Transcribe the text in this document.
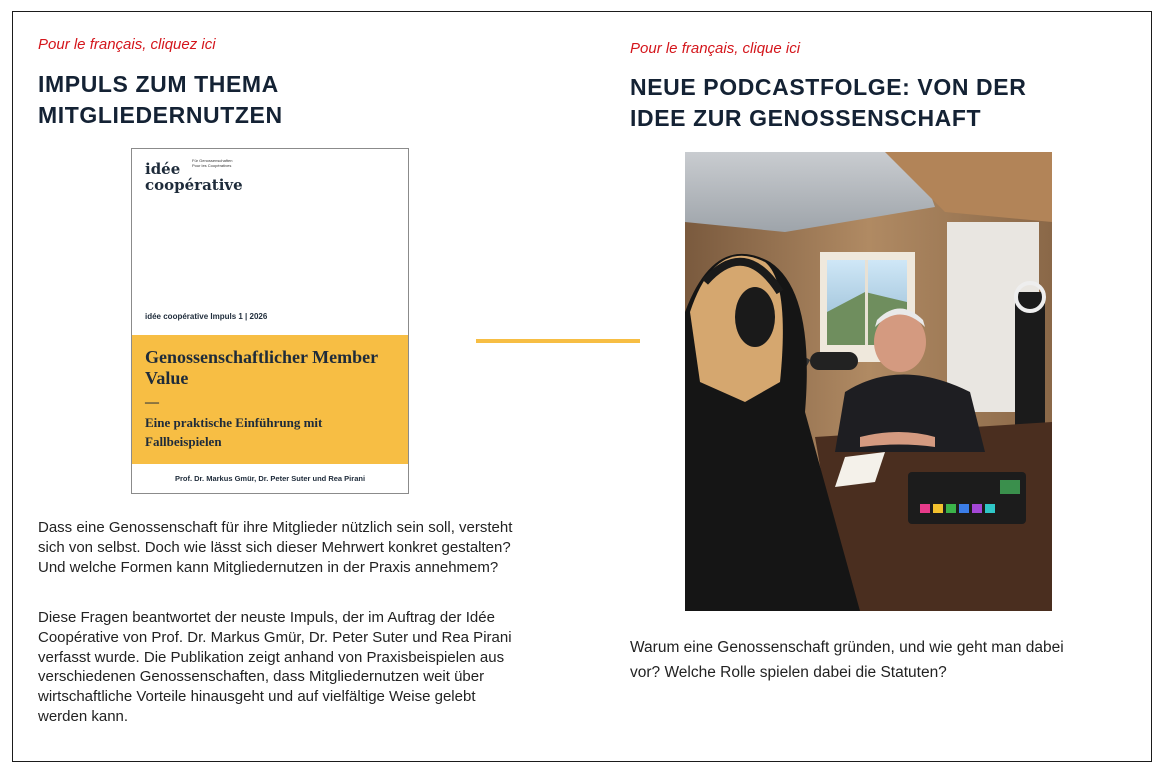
Pour le français, cliquez ici
IMPULS ZUM THEMA
MITGLIEDERNUTZEN
idée
coopérative
Für Genossenschaften
Pour les Coopératives
idée coopérative Impuls 1 | 2026
Genossenschaftlicher Member Value
—
Eine praktische Einführung mit Fallbeispielen
Prof. Dr. Markus Gmür, Dr. Peter Suter und Rea Pirani

Dass eine Genossenschaft für ihre Mitglieder nützlich sein soll, versteht sich von selbst. Doch wie lässt sich dieser Mehrwert konkret gestalten? Und welche Formen kann Mitgliedernutzen in der Praxis annehmem?

Diese Fragen beantwortet der neuste Impuls, der im Auftrag der Idée Coopérative von Prof. Dr. Markus Gmür, Dr. Peter Suter und Rea Pirani verfasst wurde. Die Publikation zeigt anhand von Praxisbeispielen aus verschiedenen Genossenschaften, dass Mitgliedernutzen weit über wirtschaftliche Vorteile hinausgeht und auf vielfältige Weise gelebt werden kann.

Pour le français, clique ici
NEUE PODCASTFOLGE: VON DER
IDEE ZUR GENOSSENSCHAFT

Warum eine Genossenschaft gründen, und wie geht man dabei vor? Welche Rolle spielen dabei die Statuten?
